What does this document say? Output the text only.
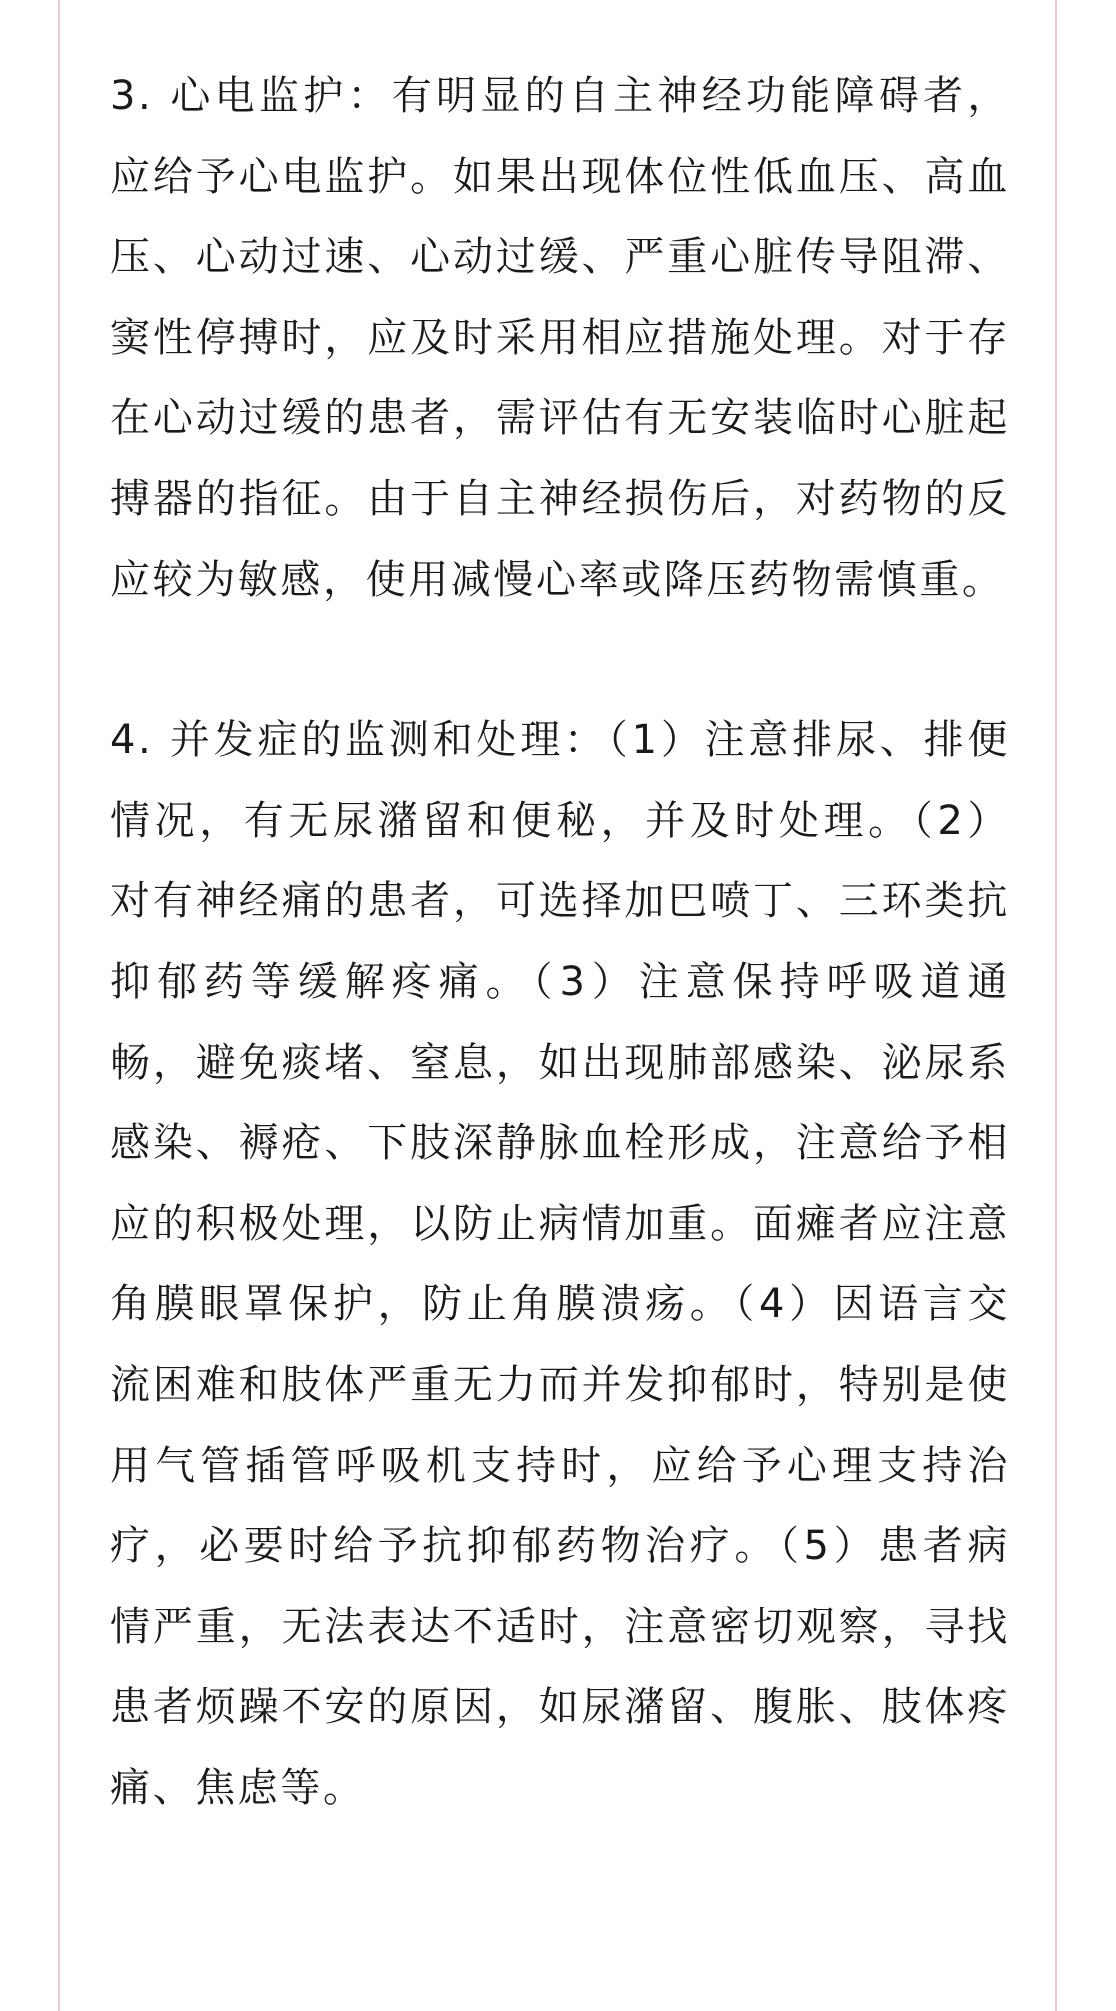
3. 心电监护：有明显的自主神经功能障碍者，应给予心电监护。如果出现体位性低血压、高血压、心动过速、心动过缓、严重心脏传导阻滞、窦性停搏时，应及时采用相应措施处理。对于存在心动过缓的患者，需评估有无安装临时心脏起搏器的指征。由于自主神经损伤后，对药物的反应较为敏感，使用减慢心率或降压药物需慎重。

4. 并发症的监测和处理：（1）注意排尿、排便情况，有无尿潴留和便秘，并及时处理。（2）对有神经痛的患者，可选择加巴喷丁、三环类抗抑郁药等缓解疼痛。（3）注意保持呼吸道通畅，避免痰堵、窒息，如出现肺部感染、泌尿系感染、褥疮、下肢深静脉血栓形成，注意给予相应的积极处理，以防止病情加重。面瘫者应注意角膜眼罩保护，防止角膜溃疡。（4）因语言交流困难和肢体严重无力而并发抑郁时，特别是使用气管插管呼吸机支持时，应给予心理支持治疗，必要时给予抗抑郁药物治疗。（5）患者病情严重，无法表达不适时，注意密切观察，寻找患者烦躁不安的原因，如尿潴留、腹胀、肢体疼痛、焦虑等。
